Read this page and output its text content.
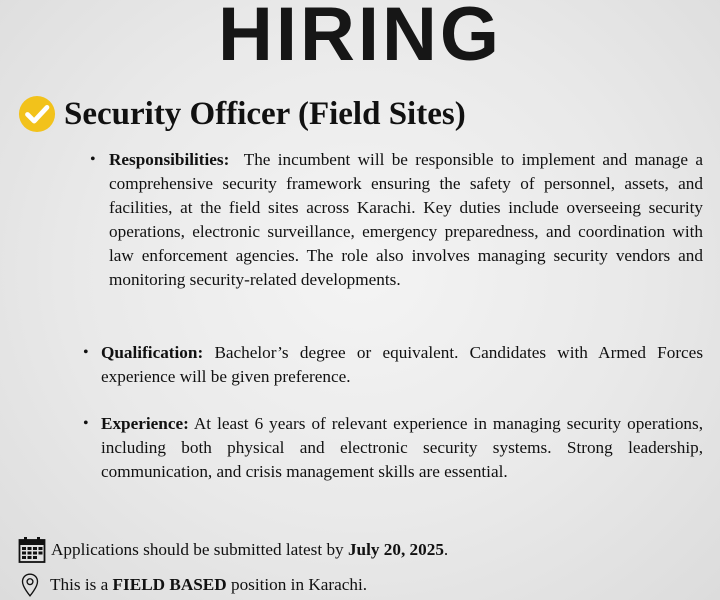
HIRING
Security Officer (Field Sites)
• Responsibilities: The incumbent will be responsible to implement and manage a comprehensive security framework ensuring the safety of personnel, assets, and facilities, at the field sites across Karachi. Key duties include overseeing security operations, electronic surveillance, emergency preparedness, and coordination with law enforcement agencies. The role also involves managing security vendors and monitoring security-related developments.
• Qualification: Bachelor’s degree or equivalent. Candidates with Armed Forces experience will be given preference.
• Experience: At least 6 years of relevant experience in managing security operations, including both physical and electronic security systems. Strong leadership, communication, and crisis management skills are essential.
Applications should be submitted latest by
July 20, 2025 .
This is a
FIELD BASED
position in Karachi.
